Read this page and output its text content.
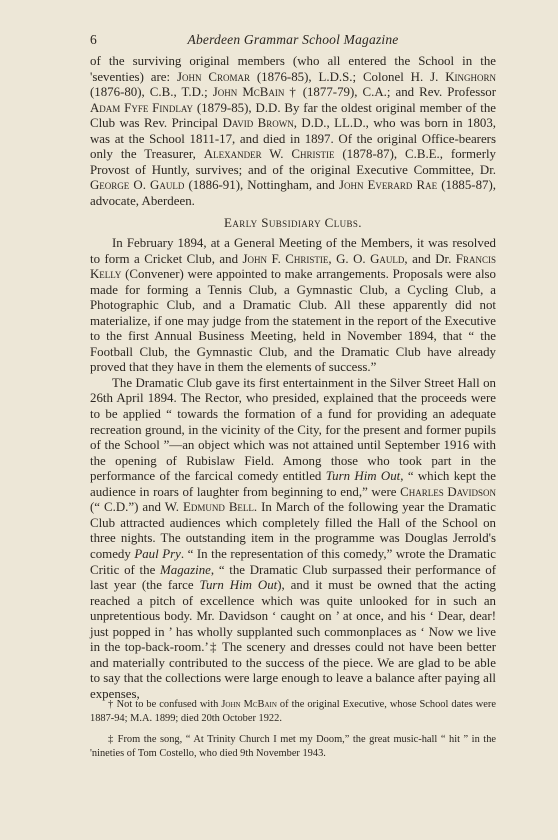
6	Aberdeen Grammar School Magazine

of the surviving original members (who all entered the School in the 'seventies) are: John Cromar (1876-85), L.D.S.; Colonel H. J. Kinghorn (1876-80), C.B., T.D.; John McBain † (1877-79), C.A.; and Rev. Professor Adam Fyfe Findlay (1879-85), D.D. By far the oldest original member of the Club was Rev. Principal David Brown, D.D., LL.D., who was born in 1803, was at the School 1811-17, and died in 1897. Of the original Office-bearers only the Treasurer, Alexander W. Christie (1878-87), C.B.E., formerly Provost of Huntly, survives; and of the original Executive Committee, Dr. George O. Gauld (1886-91), Nottingham, and John Everard Rae (1885-87), advocate, Aberdeen.

Early Subsidiary Clubs.

In February 1894, at a General Meeting of the Members, it was resolved to form a Cricket Club, and John F. Christie, G. O. Gauld, and Dr. Francis Kelly (Convener) were appointed to make arrangements. Proposals were also made for forming a Tennis Club, a Gymnastic Club, a Cycling Club, a Photographic Club, and a Dramatic Club. All these apparently did not materialize, if one may judge from the statement in the report of the Executive to the first Annual Business Meeting, held in November 1894, that “ the Football Club, the Gymnastic Club, and the Dramatic Club have already proved that they have in them the elements of success.”

The Dramatic Club gave its first entertainment in the Silver Street Hall on 26th April 1894. The Rector, who presided, explained that the proceeds were to be applied “ towards the formation of a fund for providing an adequate recreation ground, in the vicinity of the City, for the present and former pupils of the School ”—an object which was not attained until September 1916 with the opening of Rubislaw Field. Among those who took part in the performance of the farcical comedy entitled Turn Him Out, “ which kept the audience in roars of laughter from beginning to end,” were Charles Davidson (“ C.D.”) and W. Edmund Bell. In March of the following year the Dramatic Club attracted audiences which completely filled the Hall of the School on three nights. The outstanding item in the programme was Douglas Jerrold's comedy Paul Pry. “ In the representation of this comedy,” wrote the Dramatic Critic of the Magazine, “ the Dramatic Club surpassed their performance of last year (the farce Turn Him Out), and it must be owned that the acting reached a pitch of excellence which was quite unlooked for in such an unpretentious body. Mr. Davidson ‘ caught on ’ at once, and his ‘ Dear, dear! just popped in ’ has wholly supplanted such commonplaces as ‘ Now we live in the top-back-room.’‡ The scenery and dresses could not have been better and materially contributed to the success of the piece. We are glad to be able to say that the collections were large enough to leave a balance after paying all expenses,

† Not to be confused with John McBain of the original Executive, whose School dates were 1887-94; M.A. 1899; died 20th October 1922.

‡ From the song, “ At Trinity Church I met my Doom,” the great music-hall “ hit ” in the 'nineties of Tom Costello, who died 9th November 1943.
